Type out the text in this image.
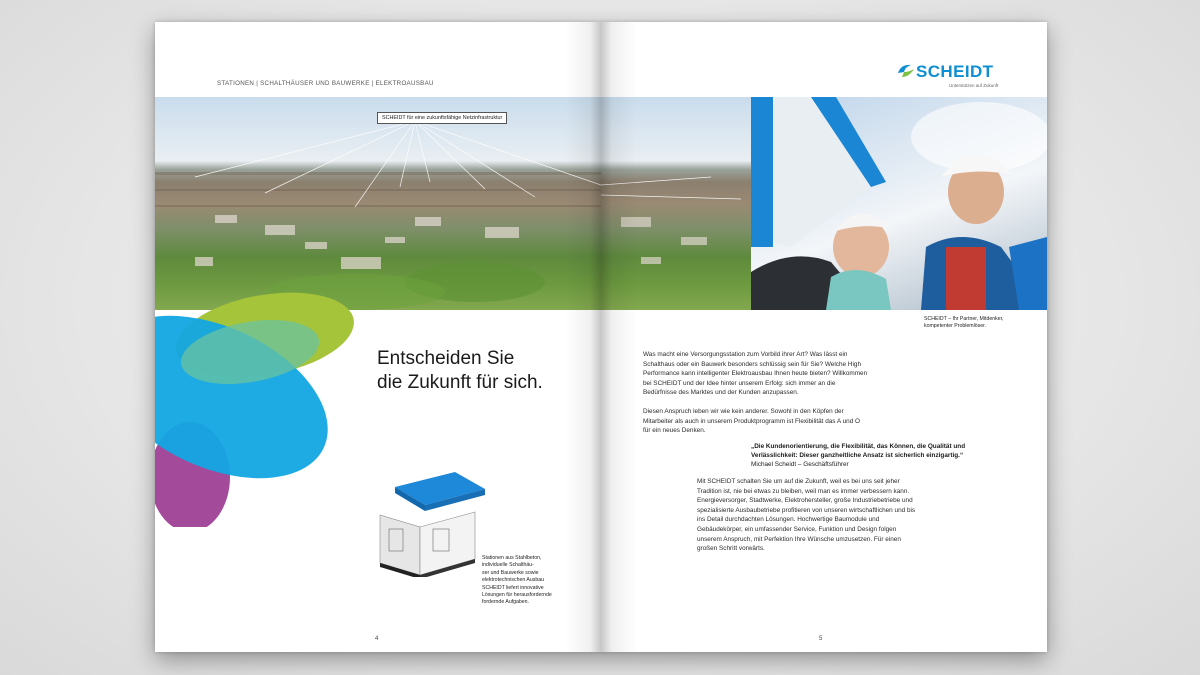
STATIONEN | SCHALTHÄUSER UND BAUWERKE | ELEKTROAUSBAU
SCHEIDT für eine zukunftsfähige Netzinfrastruktur
Entscheiden Sie
die Zukunft für sich.
Stationen aus Stahlbeton,
individuelle Schalthäu-
ser und Bauwerke sowie
elektrotechnischen Ausbau
SCHEIDT liefert innovative
Lösungen für herausfordernde
fordernde Aufgaben.
4
SCHEIDT
Unterstützen auf Zukunft
SCHEIDT – Ihr Partner, Mitdenker,
kompetenter Problemlöser.

Was macht eine Versorgungsstation zum Vorbild ihrer Art? Was lässt ein Schalthaus oder ein Bauwerk besonders schlüssig sein für Sie? Welche High Performance kann intelligenter Elektroausbau Ihnen heute bieten? Willkommen bei SCHEIDT und der Idee hinter unserem Erfolg: sich immer an die Bedürfnisse des Marktes und der Kunden anzupassen.

Diesen Anspruch leben wir wie kein anderer. Sowohl in den Köpfen der Mitarbeiter als auch in unserem Produktprogramm ist Flexibilität das A und O für ein neues Denken.

„Die Kundenorientierung, die Flexibilität, das Können, die Qualität und Verlässlichkeit: Dieser ganzheitliche Ansatz ist sicherlich einzigartig.“
Michael Scheidt – Geschäftsführer

Mit SCHEIDT schalten Sie um auf die Zukunft, weil es bei uns seit jeher Tradition ist, nie bei etwas zu bleiben, weil man es immer verbessern kann. Energieversorger, Stadtwerke, Elektrohersteller, große Industriebetriebe und spezialisierte Ausbaubetriebe profitieren von unseren wirtschaftlichen und bis ins Detail durchdachten Lösungen. Hochwertige Baumodule und Gebäudekörper, ein umfassender Service, Funktion und Design folgen unserem Anspruch, mit Perfektion Ihre Wünsche umzusetzen. Für einen großen Schritt vorwärts.

5
